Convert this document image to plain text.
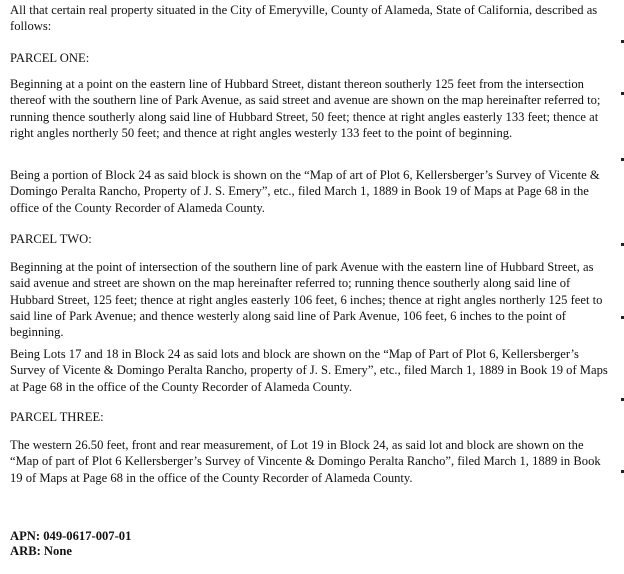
All that certain real property situated in the City of Emeryville, County of Alameda, State of California, described as follows:

PARCEL ONE:

Beginning at a point on the eastern line of Hubbard Street, distant thereon southerly 125 feet from the intersection thereof with the southern line of Park Avenue, as said street and avenue are shown on the map hereinafter referred to; running thence southerly along said line of Hubbard Street, 50 feet; thence at right angles easterly 133 feet; thence at right angles northerly 50 feet; and thence at right angles westerly 133 feet to the point of beginning.

Being a portion of Block 24 as said block is shown on the “Map of art of Plot 6, Kellersberger’s Survey of Vicente & Domingo Peralta Rancho, Property of J. S. Emery”, etc., filed March 1, 1889 in Book 19 of Maps at Page 68 in the office of the County Recorder of Alameda County.

PARCEL TWO:

Beginning at the point of intersection of the southern line of park Avenue with the eastern line of Hubbard Street, as said avenue and street are shown on the map hereinafter referred to; running thence southerly along said line of Hubbard Street, 125 feet; thence at right angles easterly 106 feet, 6 inches; thence at right angles northerly 125 feet to said line of Park Avenue; and thence westerly along said line of Park Avenue, 106 feet, 6 inches to the point of beginning.

Being Lots 17 and 18 in Block 24 as said lots and block are shown on the “Map of Part of Plot 6, Kellersberger’s Survey of Vicente & Domingo Peralta Rancho, property of J. S. Emery”, etc., filed March 1, 1889 in Book 19 of Maps at Page 68 in the office of the County Recorder of Alameda County.

PARCEL THREE:

The western 26.50 feet, front and rear measurement, of Lot 19 in Block 24, as said lot and block are shown on the “Map of part of Plot 6 Kellersberger’s Survey of Vincente & Domingo Peralta Rancho”, filed March 1, 1889 in Book 19 of Maps at Page 68 in the office of the County Recorder of Alameda County.

APN: 049-0617-007-01

ARB: None
